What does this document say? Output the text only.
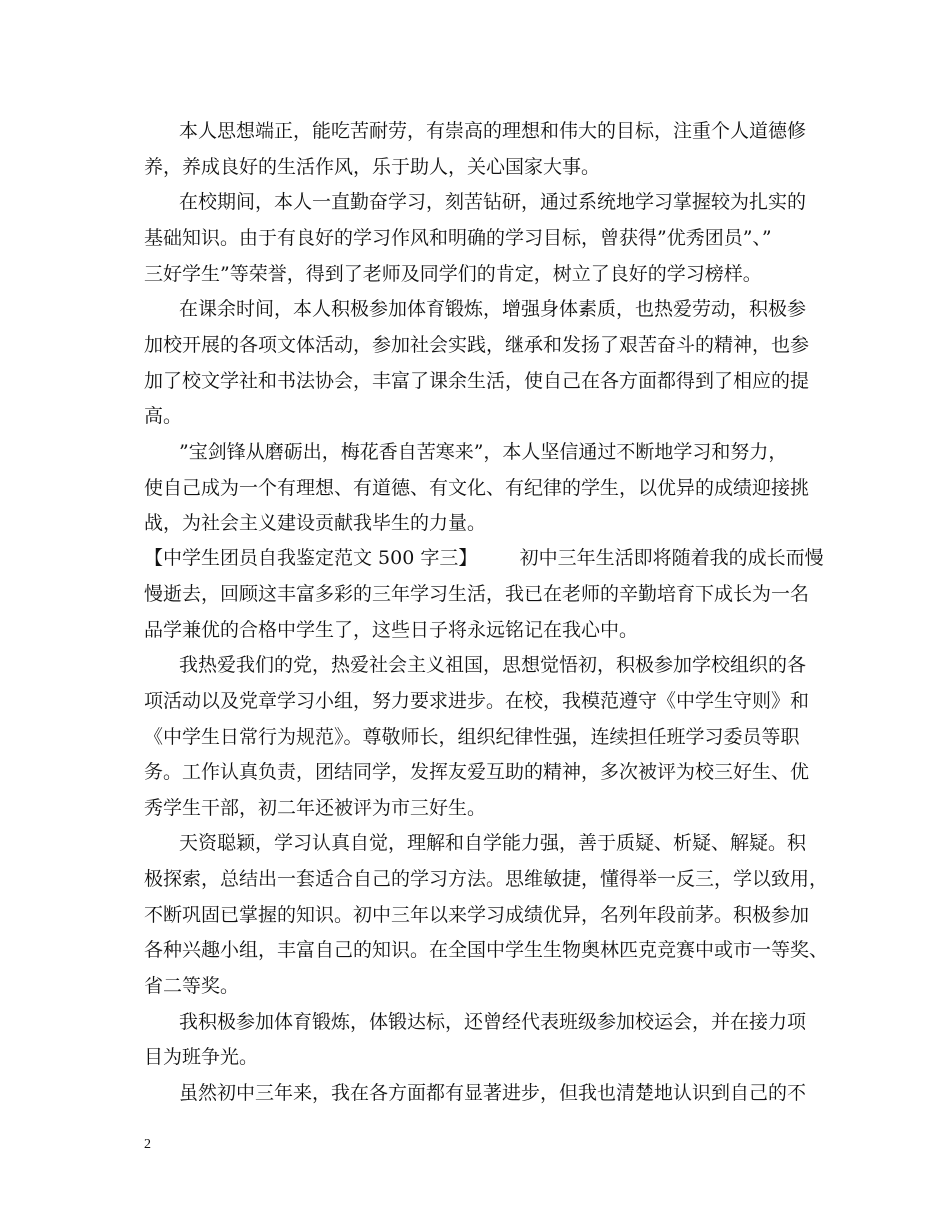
本人思想端正，能吃苦耐劳，有崇高的理想和伟大的目标，注重个人道德修
养，养成良好的生活作风，乐于助人，关心国家大事。
在校期间，本人一直勤奋学习，刻苦钻研，通过系统地学习掌握较为扎实的
基础知识。由于有良好的学习作风和明确的学习目标，曾获得”优秀团员”、”
三好学生”等荣誉，得到了老师及同学们的肯定，树立了良好的学习榜样。
在课余时间，本人积极参加体育锻炼，增强身体素质，也热爱劳动，积极参
加校开展的各项文体活动，参加社会实践，继承和发扬了艰苦奋斗的精神，也参
加了校文学社和书法协会，丰富了课余生活，使自己在各方面都得到了相应的提
高。
”宝剑锋从磨砺出，梅花香自苦寒来”，本人坚信通过不断地学习和努力，
使自己成为一个有理想、有道德、有文化、有纪律的学生，以优异的成绩迎接挑
战，为社会主义建设贡献我毕生的力量。
【中学生团员自我鉴定范文 500 字三】       初中三年生活即将随着我的成长而慢
慢逝去，回顾这丰富多彩的三年学习生活，我已在老师的辛勤培育下成长为一名
品学兼优的合格中学生了，这些日子将永远铭记在我心中。
我热爱我们的党，热爱社会主义祖国，思想觉悟初，积极参加学校组织的各
项活动以及党章学习小组，努力要求进步。在校，我模范遵守《中学生守则》和
《中学生日常行为规范》。尊敬师长，组织纪律性强，连续担任班学习委员等职
务。工作认真负责，团结同学，发挥友爱互助的精神，多次被评为校三好生、优
秀学生干部，初二年还被评为市三好生。
天资聪颖，学习认真自觉，理解和自学能力强，善于质疑、析疑、解疑。积
极探索，总结出一套适合自己的学习方法。思维敏捷，懂得举一反三，学以致用，
不断巩固已掌握的知识。初中三年以来学习成绩优异，名列年段前茅。积极参加
各种兴趣小组，丰富自己的知识。在全国中学生生物奥林匹克竞赛中或市一等奖、
省二等奖。
我积极参加体育锻炼，体锻达标，还曾经代表班级参加校运会，并在接力项
目为班争光。
虽然初中三年来，我在各方面都有显著进步，但我也清楚地认识到自己的不
2
